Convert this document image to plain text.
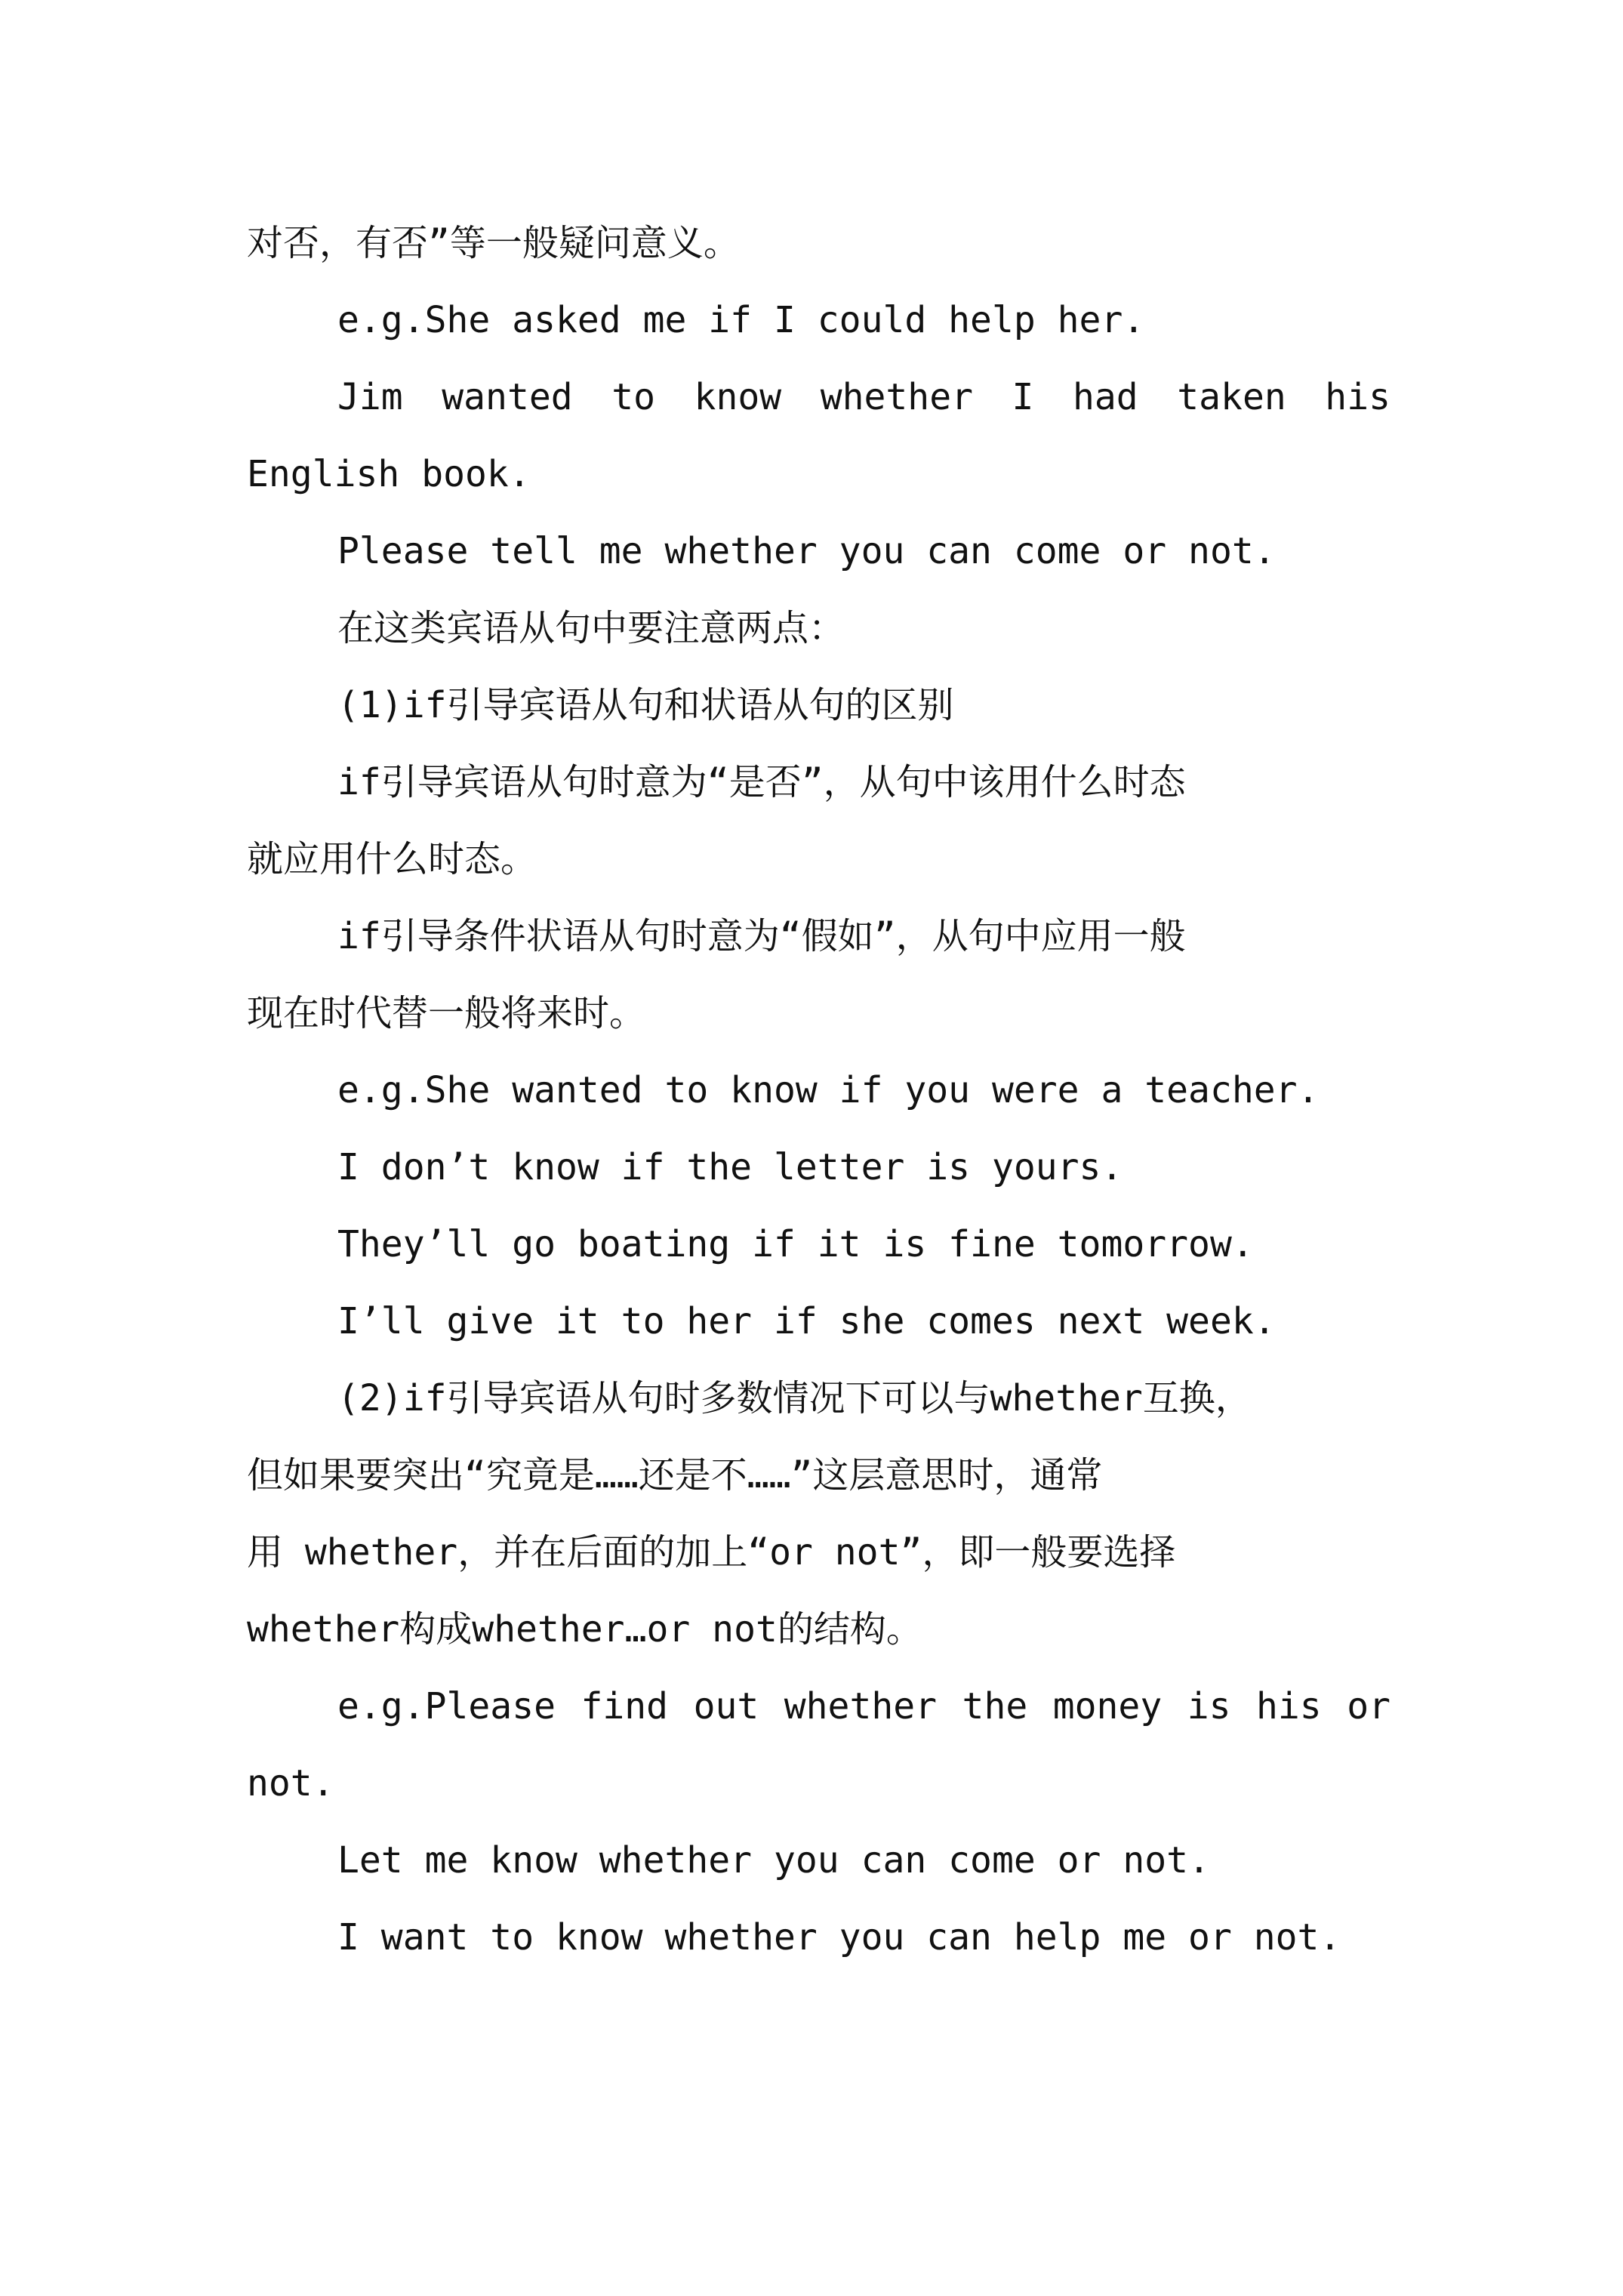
对否，有否”等一般疑问意义。
e.g.She asked me if I could help her.
Jim wanted to know whether I had taken his
English book.
Please tell me whether you can come or not.
在这类宾语从句中要注意两点：
(1)if引导宾语从句和状语从句的区别
if引导宾语从句时意为“是否”，从句中该用什么时态
就应用什么时态。
if引导条件状语从句时意为“假如”，从句中应用一般
现在时代替一般将来时。
e.g.She wanted to know if you were a teacher.
I don’t know if the letter is yours.
They’ll go boating if it is fine tomorrow.
I’ll give it to her if she comes next week.
(2)if引导宾语从句时多数情况下可以与whether互换，
但如果要突出“究竟是……还是不……”这层意思时，通常
用 whether，并在后面的加上“or not”，即一般要选择
whether构成whether…or not的结构。
e.g.Please find out whether the money is his or
not.
Let me know whether you can come or not.
I want to know whether you can help me or not.
